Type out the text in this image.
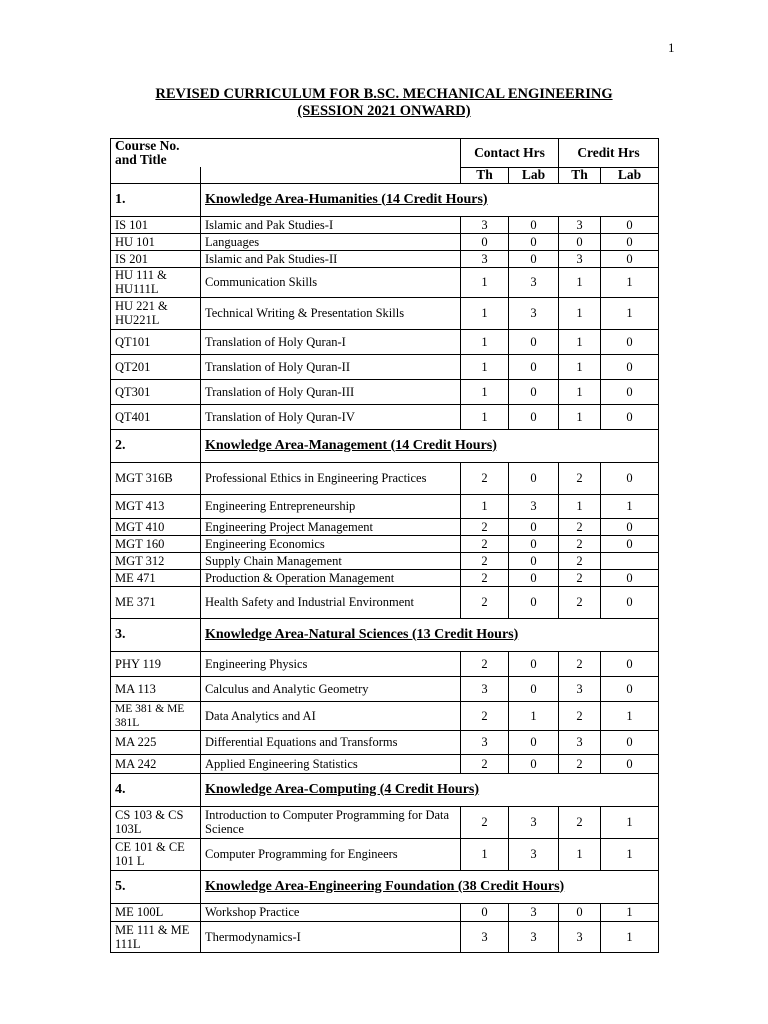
1
REVISED CURRICULUM FOR B.SC. MECHANICAL ENGINEERING
(SESSION 2021 ONWARD)
Course No. and Title		Contact Hrs		Credit Hrs	
		Th	Lab	Th	Lab
1.	Knowledge Area-Humanities (14 Credit Hours)				
IS 101	Islamic and Pak Studies-I	3	0	3	0
HU 101	Languages	0	0	0	0
IS 201	Islamic and Pak Studies-II	3	0	3	0
HU 111 & HU111L	Communication Skills	1	3	1	1
HU 221 & HU221L	Technical Writing & Presentation Skills	1	3	1	1
QT101	Translation of Holy Quran-I	1	0	1	0
QT201	Translation of Holy Quran-II	1	0	1	0
QT301	Translation of Holy Quran-III	1	0	1	0
QT401	Translation of Holy Quran-IV	1	0	1	0
2.	Knowledge Area-Management (14 Credit Hours)				
MGT 316B	Professional Ethics in Engineering Practices	2	0	2	0
MGT 413	Engineering Entrepreneurship	1	3	1	1
MGT 410	Engineering Project Management	2	0	2	0
MGT 160	Engineering Economics	2	0	2	0
MGT 312	Supply Chain Management	2	0	2	
ME 471	Production & Operation Management	2	0	2	0
ME 371	Health Safety and Industrial Environment	2	0	2	0
3.	Knowledge Area-Natural Sciences (13 Credit Hours)				
PHY 119	Engineering Physics	2	0	2	0
MA 113	Calculus and Analytic Geometry	3	0	3	0
ME 381 & ME 381L	Data Analytics and AI	2	1	2	1
MA 225	Differential Equations and Transforms	3	0	3	0
MA 242	Applied Engineering Statistics	2	0	2	0
4.	Knowledge Area-Computing (4 Credit Hours)				
CS 103 & CS 103L	Introduction to Computer Programming for Data Science	2	3	2	1
CE 101 & CE 101 L	Computer Programming for Engineers	1	3	1	1
5.	Knowledge Area-Engineering Foundation (38 Credit Hours)				
ME 100L	Workshop Practice	0	3	0	1
ME 111 & ME 111L	Thermodynamics-I	3	3	3	1
